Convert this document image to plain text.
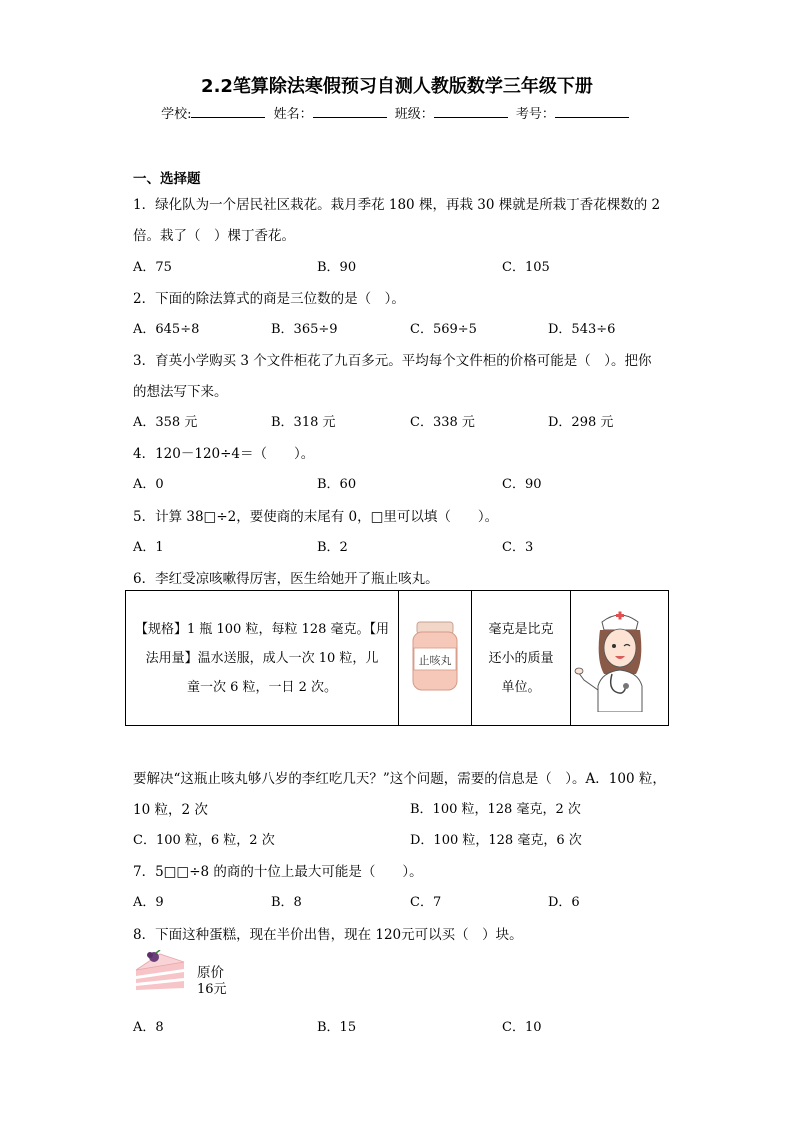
2.2笔算除法寒假预习自测人教版数学三年级下册
学校:	姓名：	班级：	考号：
一、选择题
1．绿化队为一个居民社区栽花。栽月季花 180 棵，再栽 30 棵就是所栽丁香花棵数的 2
倍。栽了（　）棵丁香花。
A．75	B．90	C．105
2．下面的除法算式的商是三位数的是（　）。
A．645÷8	B．365÷9	C．569÷5	D．543÷6
3．育英小学购买 3 个文件柜花了九百多元。平均每个文件柜的价格可能是（　）。把你
的想法写下来。
A．358 元	B．318 元	C．338 元	D．298 元
4．120－120÷4＝（　　）。
A．0	B．60	C．90
5．计算 38□÷2，要使商的末尾有 0，□里可以填（　　）。
A．1	B．2	C．3
6．李红受凉咳嗽得厉害，医生给她开了瓶止咳丸。
【规格】1 瓶 100 粒，每粒 128 毫克。【用
法用量】温水送服，成人一次 10 粒，儿
童一次 6 粒，一日 2 次。

止咳丸

毫克是比克
还小的质量
单位。

要解决“这瓶止咳丸够八岁的李红吃几天？”这个问题，需要的信息是（　）。A．100 粒，
10 粒，2 次	B．100 粒，128 毫克，2 次
C．100 粒，6 粒，2 次	D．100 粒，128 毫克，6 次
7．5□□÷8 的商的十位上最大可能是（　　）。
A．9	B．8	C．7	D．6
8．下面这种蛋糕，现在半价出售，现在 120元可以买（　）块。
原价
16元
A．8	B．15	C．10
